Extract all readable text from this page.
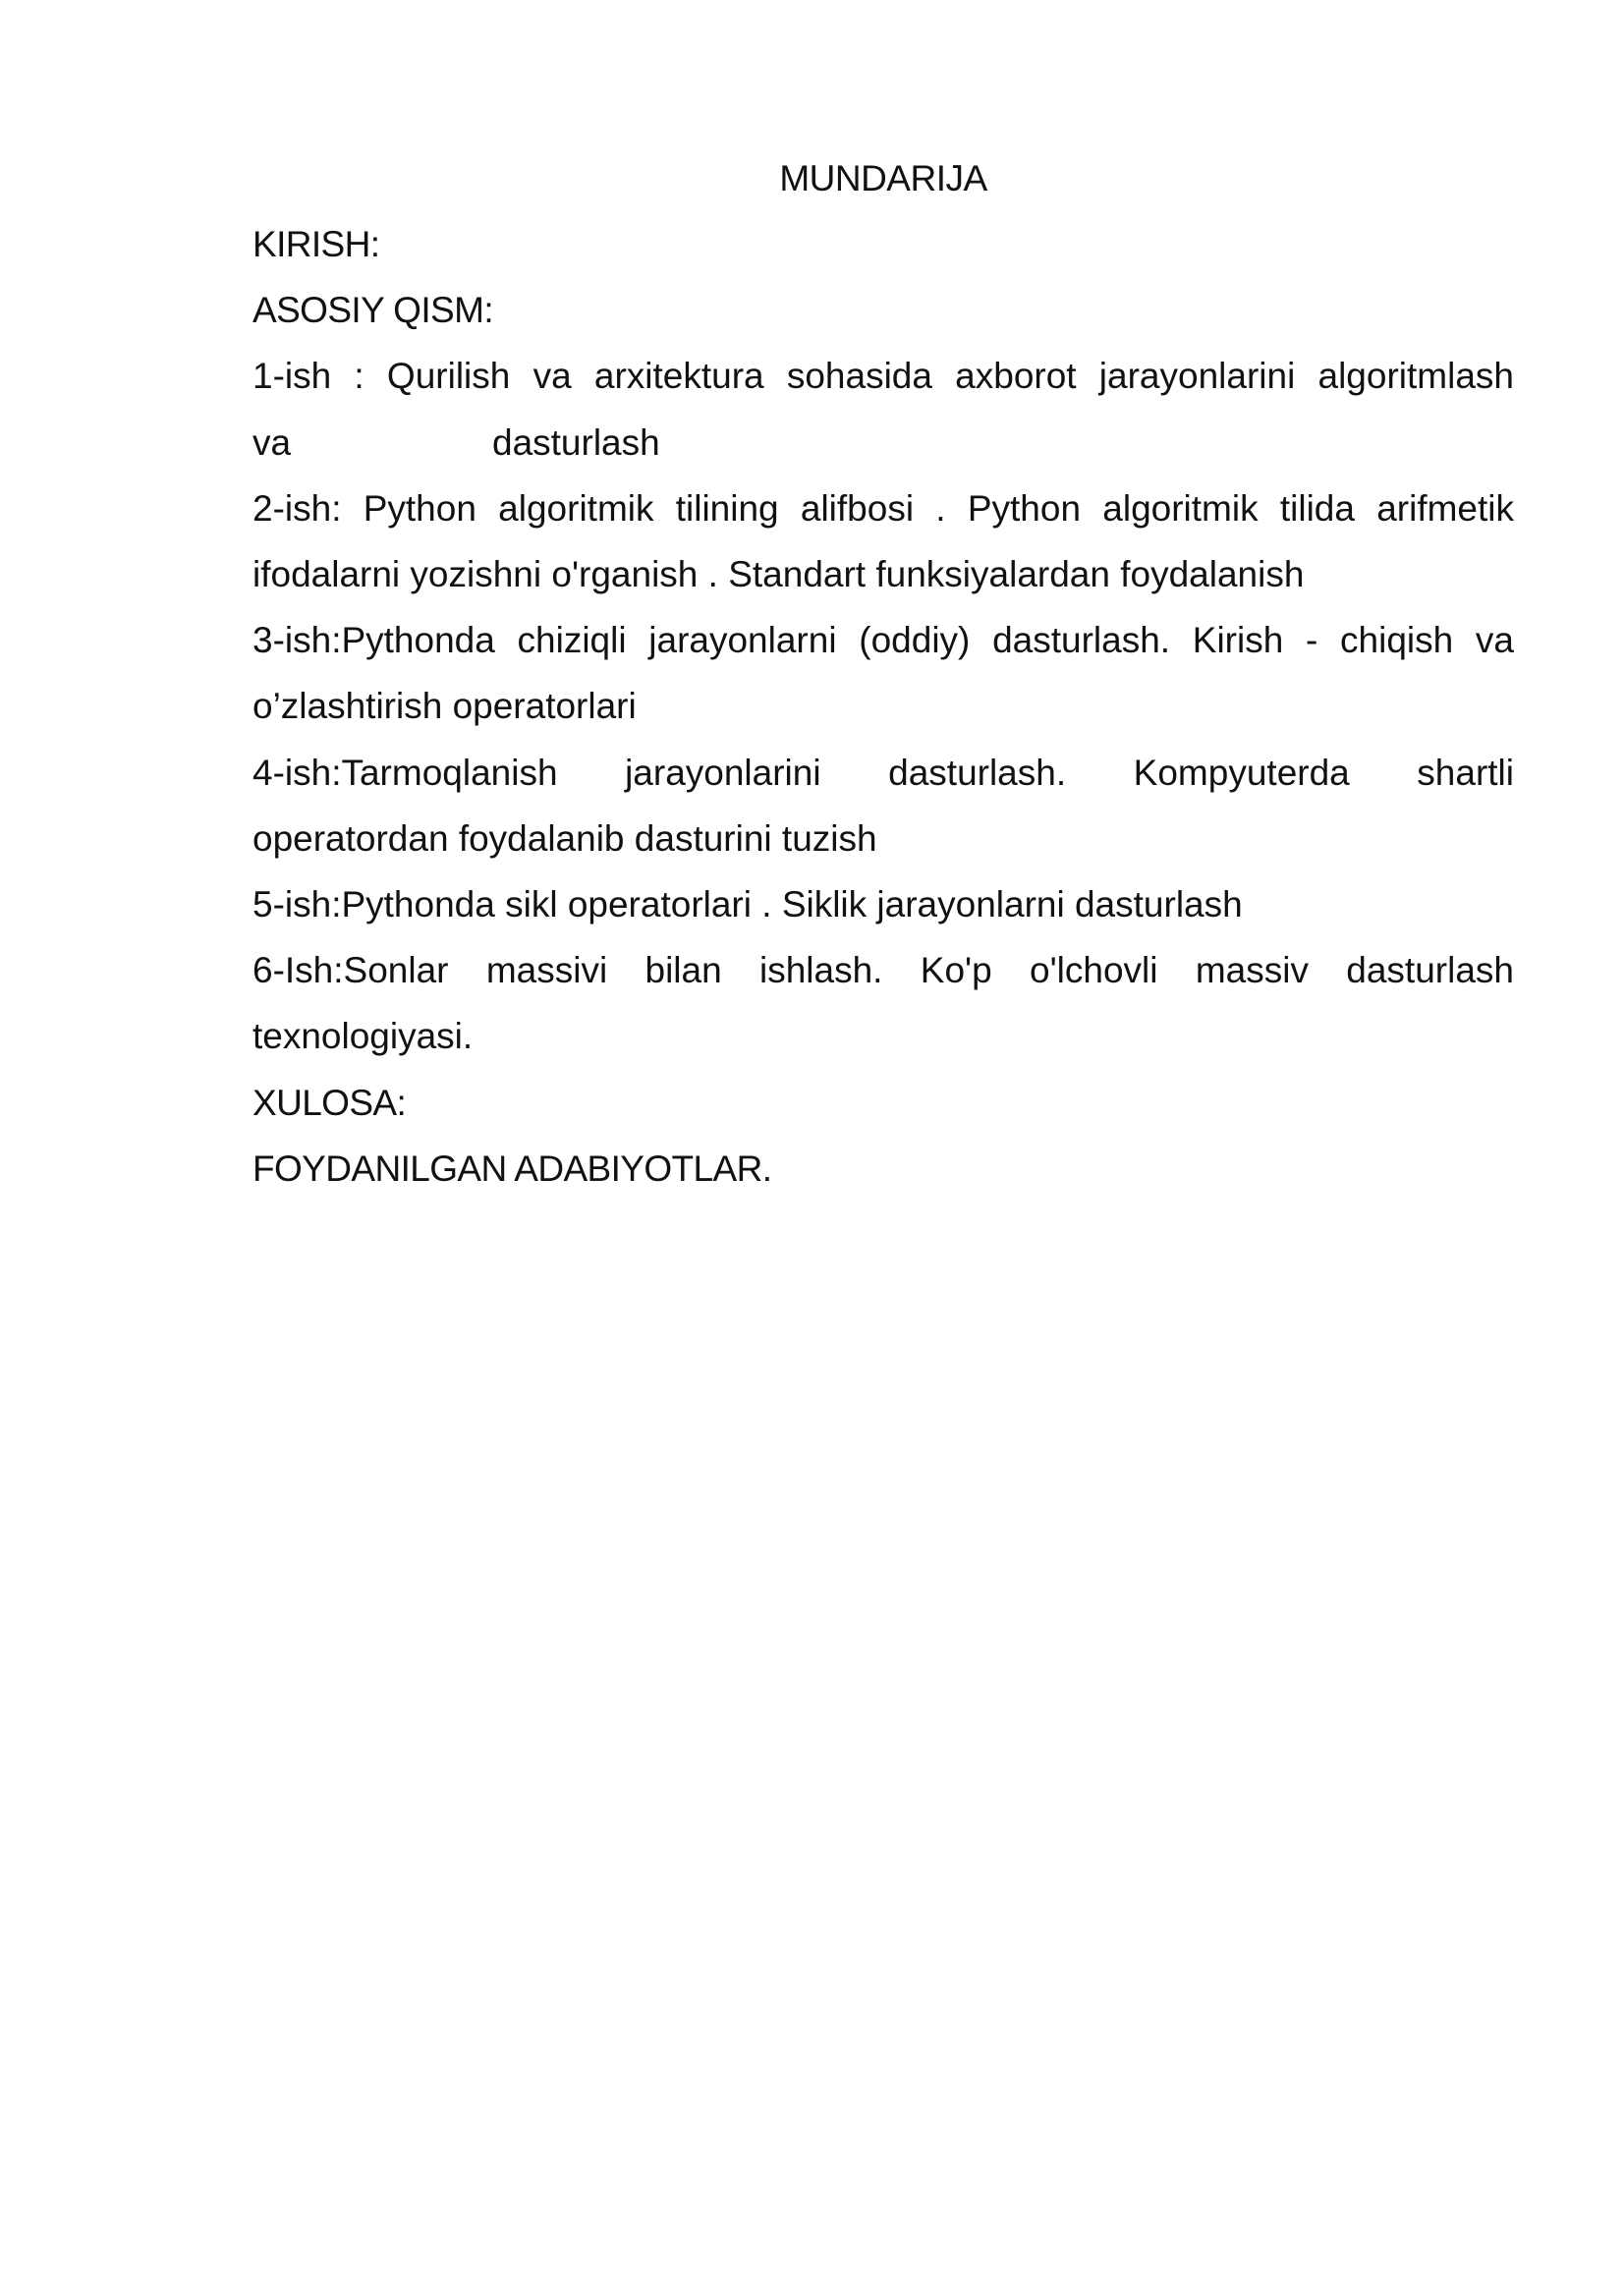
MUNDARIJA

KIRISH:

ASOSIY QISM:

1-ish : Qurilish va arxitektura sohasida axborot jarayonlarini algoritmlash

va	dasturlash

2-ish: Python algoritmik tilining alifbosi . Python algoritmik tilida arifmetik

ifodalarni yozishni o'rganish . Standart funksiyalardan foydalanish

3-ish:Pythonda chiziqli jarayonlarni (oddiy) dasturlash. Kirish - chiqish va

o’zlashtirish operatorlari

4-ish:Tarmoqlanish jarayonlarini dasturlash. Kompyuterda shartli

operatordan foydalanib dasturini tuzish

5-ish:Pythonda sikl operatorlari . Siklik jarayonlarni dasturlash

6-Ish:Sonlar massivi bilan ishlash. Ko'p o'lchovli massiv dasturlash

texnologiyasi.

XULOSA:

FOYDANILGAN ADABIYOTLAR.
